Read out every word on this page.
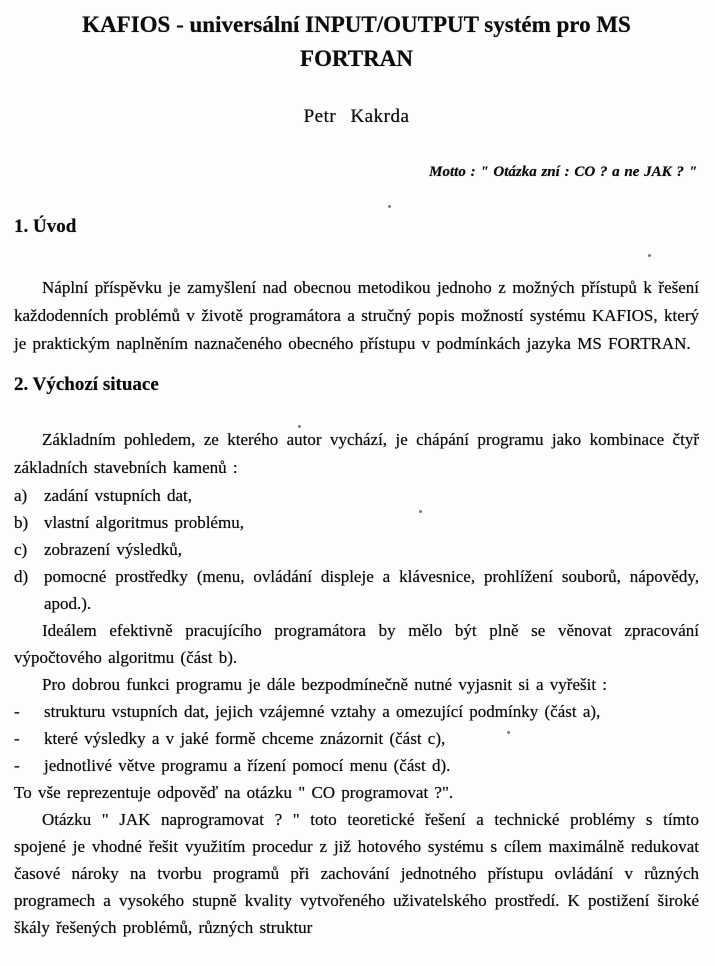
KAFIOS - universální INPUT/OUTPUT systém pro MS FORTRAN
Petr Kakrda
Motto : " Otázka zní : CO ? a ne JAK ? "
1. Úvod

Náplní příspěvku je zamyšlení nad obecnou metodikou jednoho z možných přístupů k řešení každodenních problémů v životě programátora a stručný popis možností systému KAFIOS, který je praktickým naplněním naznačeného obecného přístupu v podmínkách jazyka MS FORTRAN.

2. Výchozí situace

Základním pohledem, ze kterého autor vychází, je chápání programu jako kombinace čtyř základních stavebních kamenů :

a) zadání vstupních dat,
b) vlastní algoritmus problému,
c) zobrazení výsledků,
d) pomocné prostředky (menu, ovládání displeje a klávesnice, prohlížení souborů, nápovědy, apod.).

Ideálem efektivně pracujícího programátora by mělo být plně se věnovat zpracování výpočtového algoritmu (část b).

Pro dobrou funkci programu je dále bezpodmínečně nutné vyjasnit si a vyřešit :

-	strukturu vstupních dat, jejich vzájemné vztahy a omezující podmínky (část a),
-	které výsledky a v jaké formě chceme znázornit (část c),
-	jednotlivé větve programu a řízení pomocí menu (část d).

To vše reprezentuje odpověď na otázku " CO programovat ?".

Otázku " JAK naprogramovat ? " toto teoretické řešení a technické problémy s tímto spojené je vhodné řešit využitím procedur z již hotového systému s cílem maximálně redukovat časové nároky na tvorbu programů při zachování jednotného přístupu ovládání v různých programech a vysokého stupně kvality vytvořeného uživatelského prostředí. K postižení široké škály řešených problémů, různých struktur
